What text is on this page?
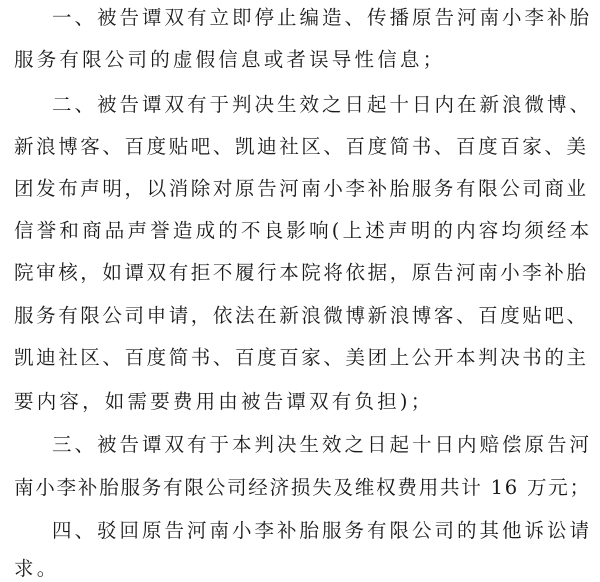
一、被告谭双有立即停止编造、传播原告河南小李补胎
服务有限公司的虚假信息或者误导性信息；
二、被告谭双有于判决生效之日起十日内在新浪微博、
新浪博客、百度贴吧、凯迪社区、百度简书、百度百家、美
团发布声明，以消除对原告河南小李补胎服务有限公司商业
信誉和商品声誉造成的不良影响(上述声明的内容均须经本
院审核，如谭双有拒不履行本院将依据，原告河南小李补胎
服务有限公司申请，依法在新浪微博新浪博客、百度贴吧、
凯迪社区、百度简书、百度百家、美团上公开本判决书的主
要内容，如需要费用由被告谭双有负担)；
三、被告谭双有于本判决生效之日起十日内赔偿原告河
南小李补胎服务有限公司经济损失及维权费用共计 16 万元；
四、驳回原告河南小李补胎服务有限公司的其他诉讼请
求。
